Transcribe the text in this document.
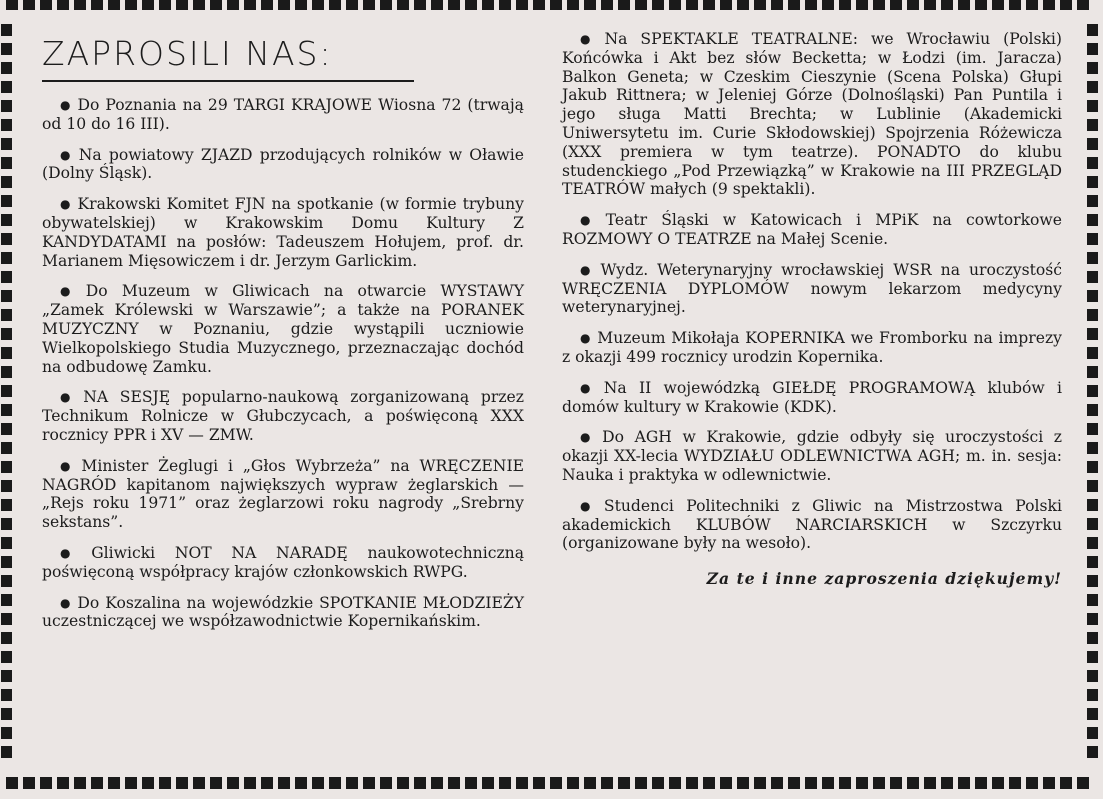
ZAPROSILI NAS:

● Do Poznania na 29 TARGI KRAJOWE Wiosna 72 (trwają od 10 do 16 III).

● Na powiatowy ZJAZD przodujących rolników w Oławie (Dolny Śląsk).

● Krakowski Komitet FJN na spotkanie (w formie trybuny obywatelskiej) w Krakowskim Domu Kultury Z KANDYDATAMI na posłów: Tadeuszem Hołujem, prof. dr. Marianem Mięsowiczem i dr. Jerzym Garlickim.

● Do Muzeum w Gliwicach na otwarcie WYSTAWY „Zamek Królewski w Warszawie”; a także na PORANEK MUZYCZNY w Poznaniu, gdzie wystąpili uczniowie Wielkopolskiego Studia Muzycznego, przeznaczając dochód na odbudowę Zamku.

● NA SESJĘ popularno-naukową zorganizowaną przez Technikum Rolnicze w Głubczycach, a poświęconą XXX rocznicy PPR i XV — ZMW.

● Minister Żeglugi i „Głos Wybrzeża” na WRĘCZENIE NAGRÓD kapitanom największych wypraw żeglarskich — „Rejs roku 1971” oraz żeglarzowi roku nagrody „Srebrny sekstans”.

● Gliwicki NOT NA NARADĘ naukowotechniczną poświęconą współpracy krajów członkowskich RWPG.

● Do Koszalina na wojewódzkie SPOTKANIE MŁODZIEŻY uczestniczącej we współzawodnictwie Kopernikańskim.

● Na SPEKTAKLE TEATRALNE: we Wrocławiu (Polski) Końcówka i Akt bez słów Becketta; w Łodzi (im. Jaracza) Balkon Geneta; w Czeskim Cieszynie (Scena Polska) Głupi Jakub Rittnera; w Jeleniej Górze (Dolnośląski) Pan Puntila i jego sługa Matti Brechta; w Lublinie (Akademicki Uniwersytetu im. Curie Skłodowskiej) Spojrzenia Różewicza (XXX premiera w tym teatrze). PONADTO do klubu studenckiego „Pod Przewiązką” w Krakowie na III PRZEGLĄD TEATRÓW małych (9 spektakli).

● Teatr Śląski w Katowicach i MPiK na cowtorkowe ROZMOWY O TEATRZE na Małej Scenie.

● Wydz. Weterynaryjny wrocławskiej WSR na uroczystość WRĘCZENIA DYPLOMÓW nowym lekarzom medycyny weterynaryjnej.

● Muzeum Mikołaja KOPERNIKA we Fromborku na imprezy z okazji 499 rocznicy urodzin Kopernika.

● Na II wojewódzką GIEŁDĘ PROGRAMOWĄ klubów i domów kultury w Krakowie (KDK).

● Do AGH w Krakowie, gdzie odbyły się uroczystości z okazji XX-lecia WYDZIAŁU ODLEWNICTWA AGH; m. in. sesja: Nauka i praktyka w odlewnictwie.

● Studenci Politechniki z Gliwic na Mistrzostwa Polski akademickich KLUBÓW NARCIARSKICH w Szczyrku (organizowane były na wesoło).

Za te i inne zaproszenia dziękujemy!
